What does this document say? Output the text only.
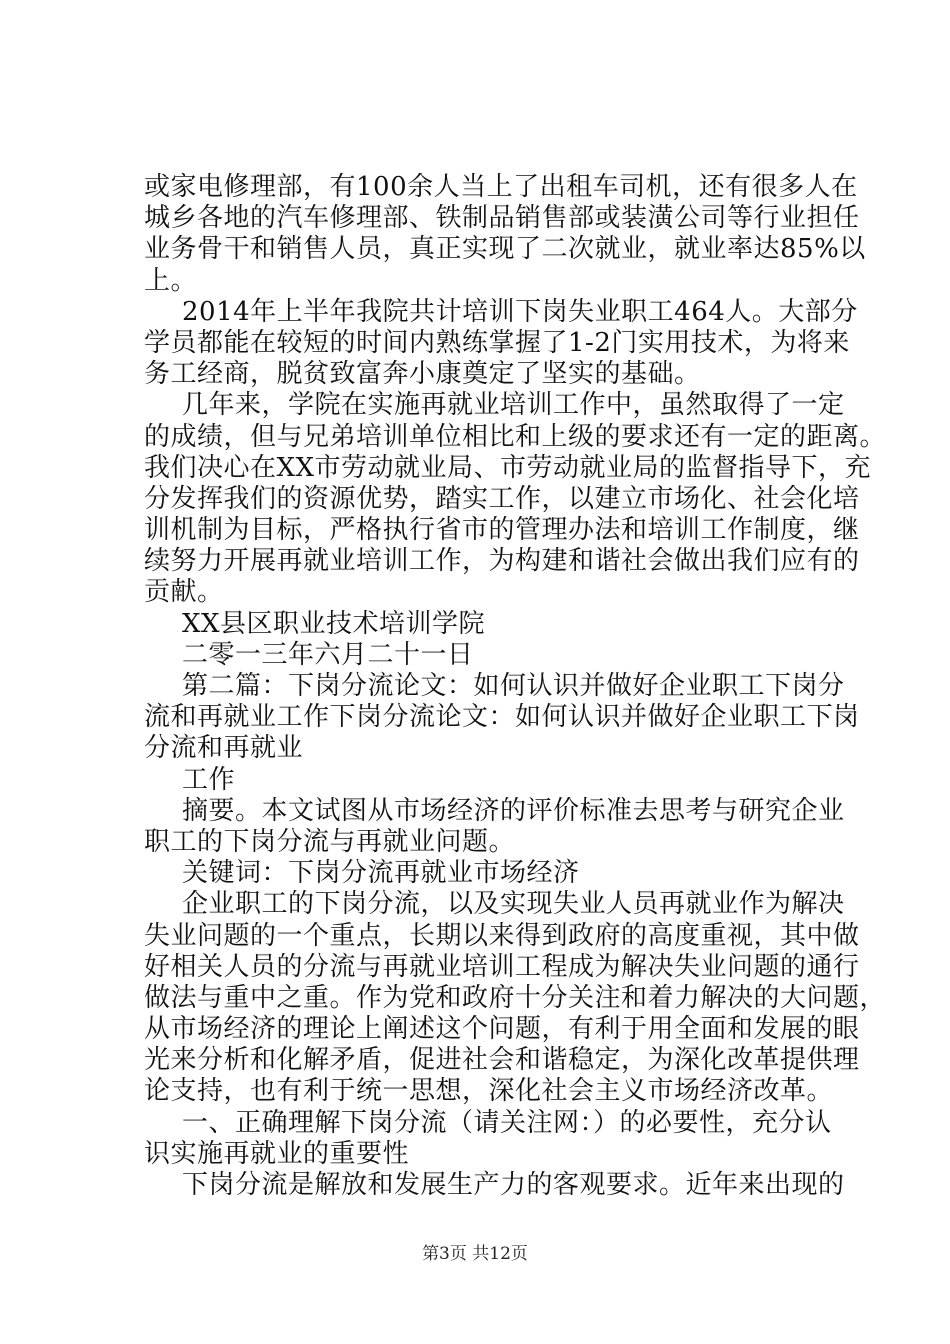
或家电修理部，有100余人当上了出租车司机，还有很多人在
城乡各地的汽车修理部、铁制品销售部或装潢公司等行业担任
业务骨干和销售人员，真正实现了二次就业，就业率达85%以
上。
2014年上半年我院共计培训下岗失业职工464人。大部分
学员都能在较短的时间内熟练掌握了1-2门实用技术，为将来
务工经商，脱贫致富奔小康奠定了坚实的基础。
几年来，学院在实施再就业培训工作中，虽然取得了一定
的成绩，但与兄弟培训单位相比和上级的要求还有一定的距离。
我们决心在XX市劳动就业局、市劳动就业局的监督指导下，充
分发挥我们的资源优势，踏实工作，以建立市场化、社会化培
训机制为目标，严格执行省市的管理办法和培训工作制度，继
续努力开展再就业培训工作，为构建和谐社会做出我们应有的
贡献。
XX县区职业技术培训学院
二零一三年六月二十一日
第二篇：下岗分流论文：如何认识并做好企业职工下岗分
流和再就业工作下岗分流论文：如何认识并做好企业职工下岗
分流和再就业
工作
摘要。本文试图从市场经济的评价标准去思考与研究企业
职工的下岗分流与再就业问题。
关键词：下岗分流再就业市场经济
企业职工的下岗分流，以及实现失业人员再就业作为解决
失业问题的一个重点，长期以来得到政府的高度重视，其中做
好相关人员的分流与再就业培训工程成为解决失业问题的通行
做法与重中之重。作为党和政府十分关注和着力解决的大问题，
从市场经济的理论上阐述这个问题，有利于用全面和发展的眼
光来分析和化解矛盾，促进社会和谐稳定，为深化改革提供理
论支持，也有利于统一思想，深化社会主义市场经济改革。
一、正确理解下岗分流（请关注网：）的必要性，充分认
识实施再就业的重要性
下岗分流是解放和发展生产力的客观要求。近年来出现的
第3页 共12页
